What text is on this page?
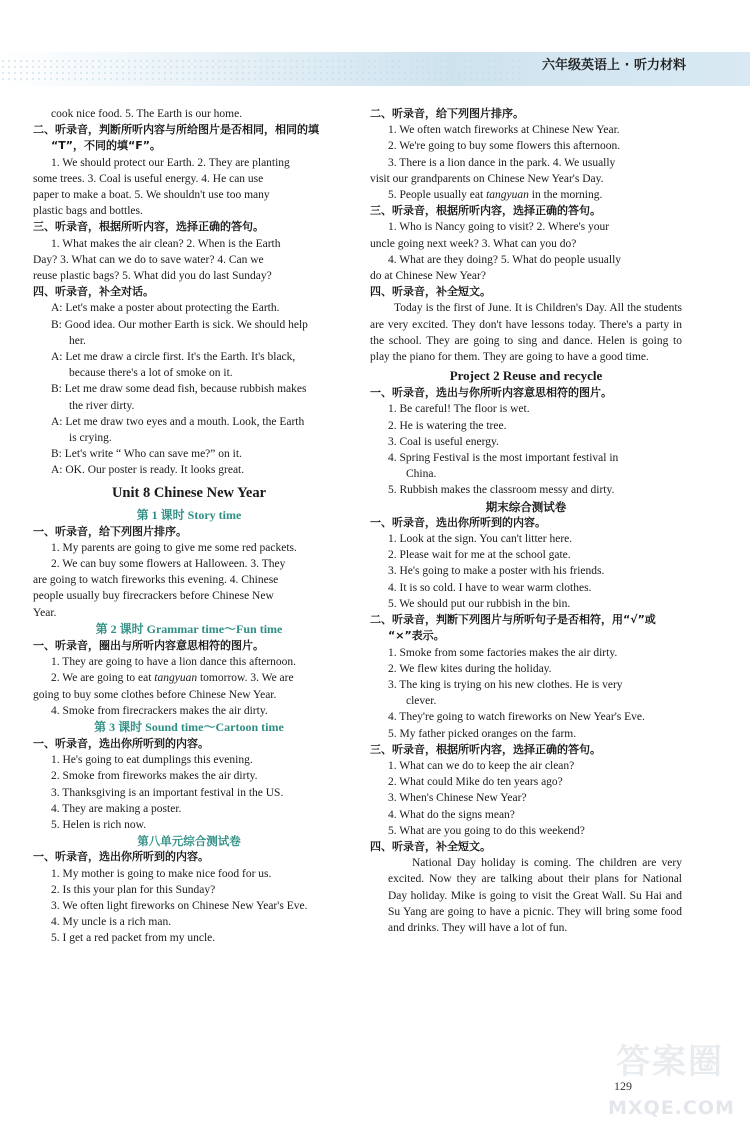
六年级英语上 · 听力材料
cook nice food. 5. The Earth is our home.
二、听录音，判断所听内容与所给图片是否相同，相同的填
“T”，不同的填“F”。
1. We should protect our Earth. 2. They are planting
some trees. 3. Coal is useful energy. 4. He can use
paper to make a boat. 5. We shouldn't use too many
plastic bags and bottles.
三、听录音，根据所听内容，选择正确的答句。
1. What makes the air clean? 2. When is the Earth
Day? 3. What can we do to save water? 4. Can we
reuse plastic bags? 5. What did you do last Sunday?
四、听录音，补全对话。
A: Let's make a poster about protecting the Earth.
B: Good idea. Our mother Earth is sick. We should help
her.
A: Let me draw a circle first. It's the Earth. It's black,
because there's a lot of smoke on it.
B: Let me draw some dead fish, because rubbish makes
the river dirty.
A: Let me draw two eyes and a mouth. Look, the Earth
is crying.
B: Let's write “ Who can save me?” on it.
A: OK. Our poster is ready. It looks great.
Unit 8 Chinese New Year
第 1 课时 Story time
一、听录音，给下列图片排序。
1. My parents are going to give me some red packets.
2. We can buy some flowers at Halloween. 3. They
are going to watch fireworks this evening. 4. Chinese
people usually buy firecrackers before Chinese New
Year.
第 2 课时 Grammar time～Fun time
一、听录音，圈出与所听内容意思相符的图片。
1. They are going to have a lion dance this afternoon.
2. We are going to eat tangyuan tomorrow. 3. We are
going to buy some clothes before Chinese New Year.
4. Smoke from firecrackers makes the air dirty.
第 3 课时 Sound time～Cartoon time
一、听录音，选出你所听到的内容。
1. He's going to eat dumplings this evening.
2. Smoke from fireworks makes the air dirty.
3. Thanksgiving is an important festival in the US.
4. They are making a poster.
5. Helen is rich now.
第八单元综合测试卷
一、听录音，选出你所听到的内容。
1. My mother is going to make nice food for us.
2. Is this your plan for this Sunday?
3. We often light fireworks on Chinese New Year's Eve.
4. My uncle is a rich man.
5. I get a red packet from my uncle.
二、听录音，给下列图片排序。
1. We often watch fireworks at Chinese New Year.
2. We're going to buy some flowers this afternoon.
3. There is a lion dance in the park. 4. We usually
visit our grandparents on Chinese New Year's Day.
5. People usually eat tangyuan in the morning.
三、听录音，根据所听内容，选择正确的答句。
1. Who is Nancy going to visit? 2. Where's your
uncle going next week? 3. What can you do?
4. What are they doing? 5. What do people usually
do at Chinese New Year?
四、听录音，补全短文。
Today is the first of June. It is Children's Day. All the students are very excited. They don't have lessons today. There's a party in the school. They are going to sing and dance. Helen is going to play the piano for them. They are going to have a good time.
Project 2 Reuse and recycle
一、听录音，选出与你所听内容意思相符的图片。
1. Be careful! The floor is wet.
2. He is watering the tree.
3. Coal is useful energy.
4. Spring Festival is the most important festival in
China.
5. Rubbish makes the classroom messy and dirty.
期末综合测试卷
一、听录音，选出你所听到的内容。
1. Look at the sign. You can't litter here.
2. Please wait for me at the school gate.
3. He's going to make a poster with his friends.
4. It is so cold. I have to wear warm clothes.
5. We should put our rubbish in the bin.
二、听录音，判断下列图片与所听句子是否相符，用“√”或
“×”表示。
1. Smoke from some factories makes the air dirty.
2. We flew kites during the holiday.
3. The king is trying on his new clothes. He is very
clever.
4. They're going to watch fireworks on New Year's Eve.
5. My father picked oranges on the farm.
三、听录音，根据所听内容，选择正确的答句。
1. What can we do to keep the air clean?
2. What could Mike do ten years ago?
3. When's Chinese New Year?
4. What do the signs mean?
5. What are you going to do this weekend?
四、听录音，补全短文。
National Day holiday is coming. The children are very excited. Now they are talking about their plans for National Day holiday. Mike is going to visit the Great Wall. Su Hai and Su Yang are going to have a picnic. They will bring some food and drinks. They will have a lot of fun.
129
答案圈
MXQE.COM
